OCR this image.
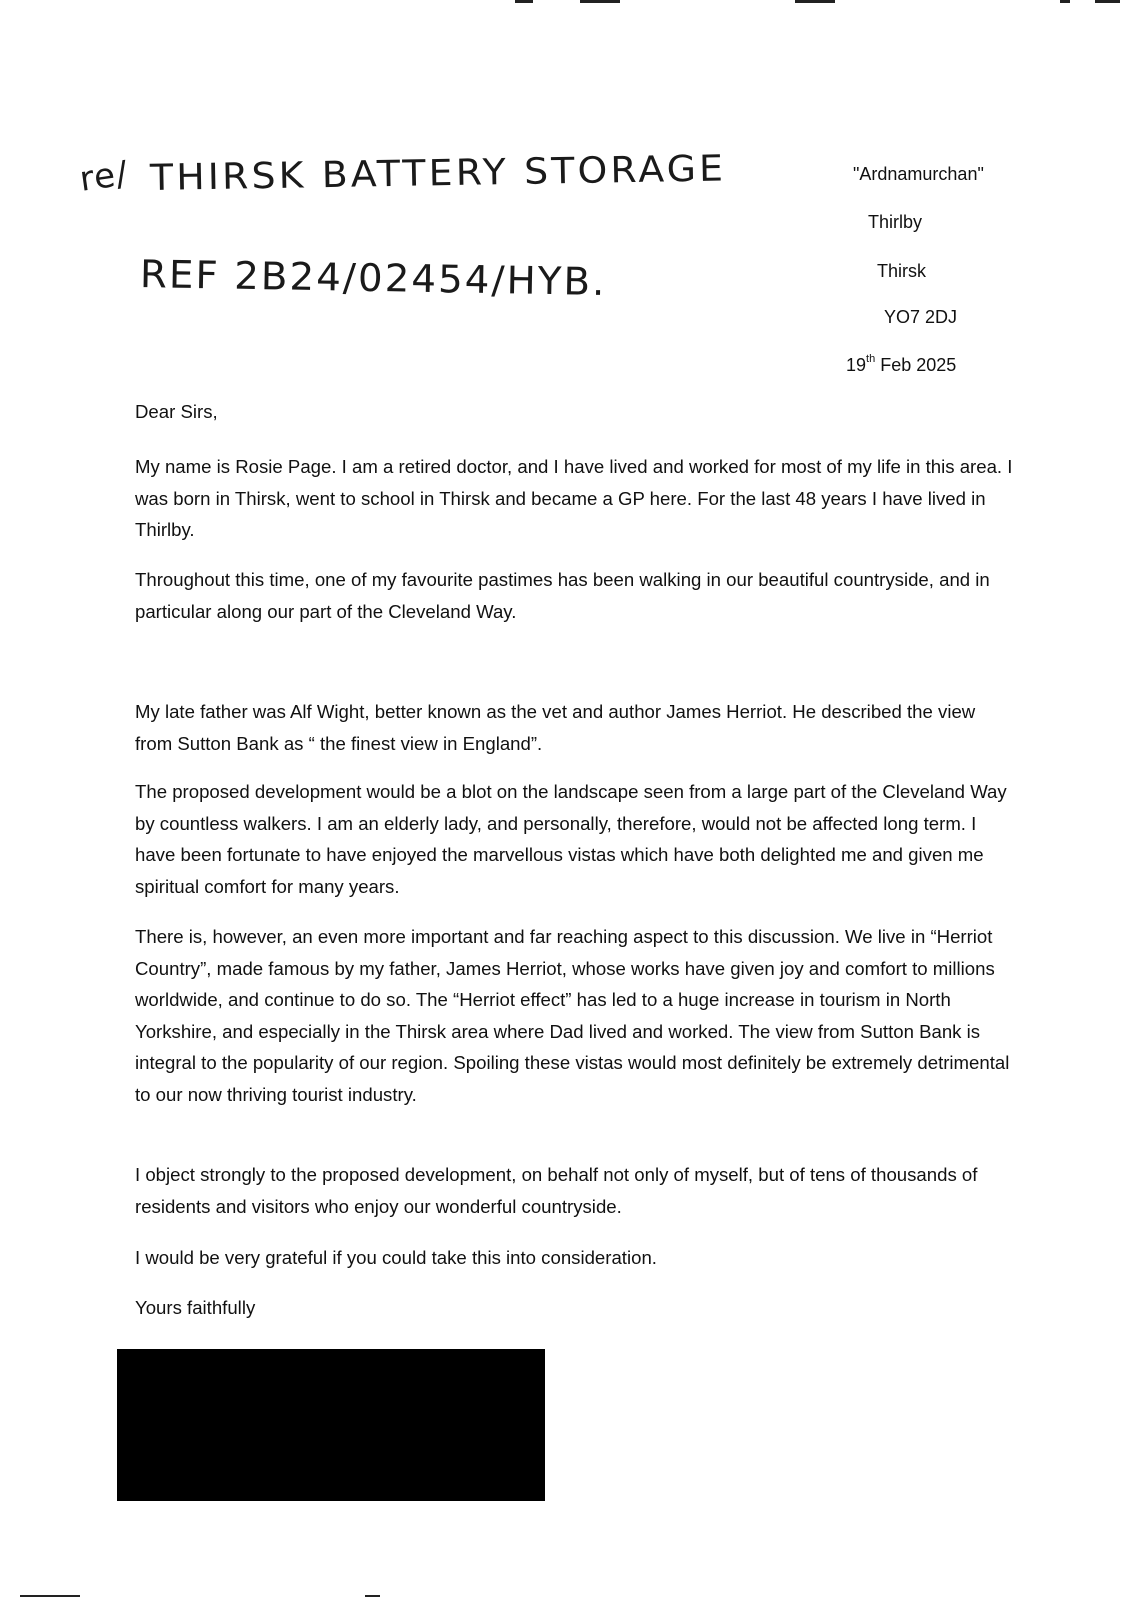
re/ THIRSK BATTERY STORAGE
REF 2B24/02454/HYB.
"Ardnamurchan"
Thirlby
Thirsk
YO7 2DJ
19th Feb 2025

Dear Sirs,

My name is Rosie Page. I am a retired doctor, and I have lived and worked for most of my life in this area. I was born in Thirsk, went to school in Thirsk and became a GP here. For the last 48 years I have lived in Thirlby.

Throughout this time, one of my favourite pastimes has been walking in our beautiful countryside, and in particular along our part of the Cleveland Way.

My late father was Alf Wight, better known as the vet and author James Herriot. He described the view from Sutton Bank as “ the finest view in England”.

The proposed development would be a blot on the landscape seen from a large part of the Cleveland Way by countless walkers. I am an elderly lady, and personally, therefore, would not be affected long term. I have been fortunate to have enjoyed the marvellous vistas which have both delighted me and given me spiritual comfort for many years.

There is, however, an even more important and far reaching aspect to this discussion. We live in “Herriot Country”, made famous by my father, James Herriot, whose works have given joy and comfort to millions worldwide, and continue to do so. The “Herriot effect” has led to a huge increase in tourism in North Yorkshire, and especially in the Thirsk area where Dad lived and worked. The view from Sutton Bank is integral to the popularity of our region. Spoiling these vistas would most definitely be extremely detrimental to our now thriving tourist industry.

I object strongly to the proposed development, on behalf not only of myself, but of tens of thousands of residents and visitors who enjoy our wonderful countryside.

I would be very grateful if you could take this into consideration.

Yours faithfully
